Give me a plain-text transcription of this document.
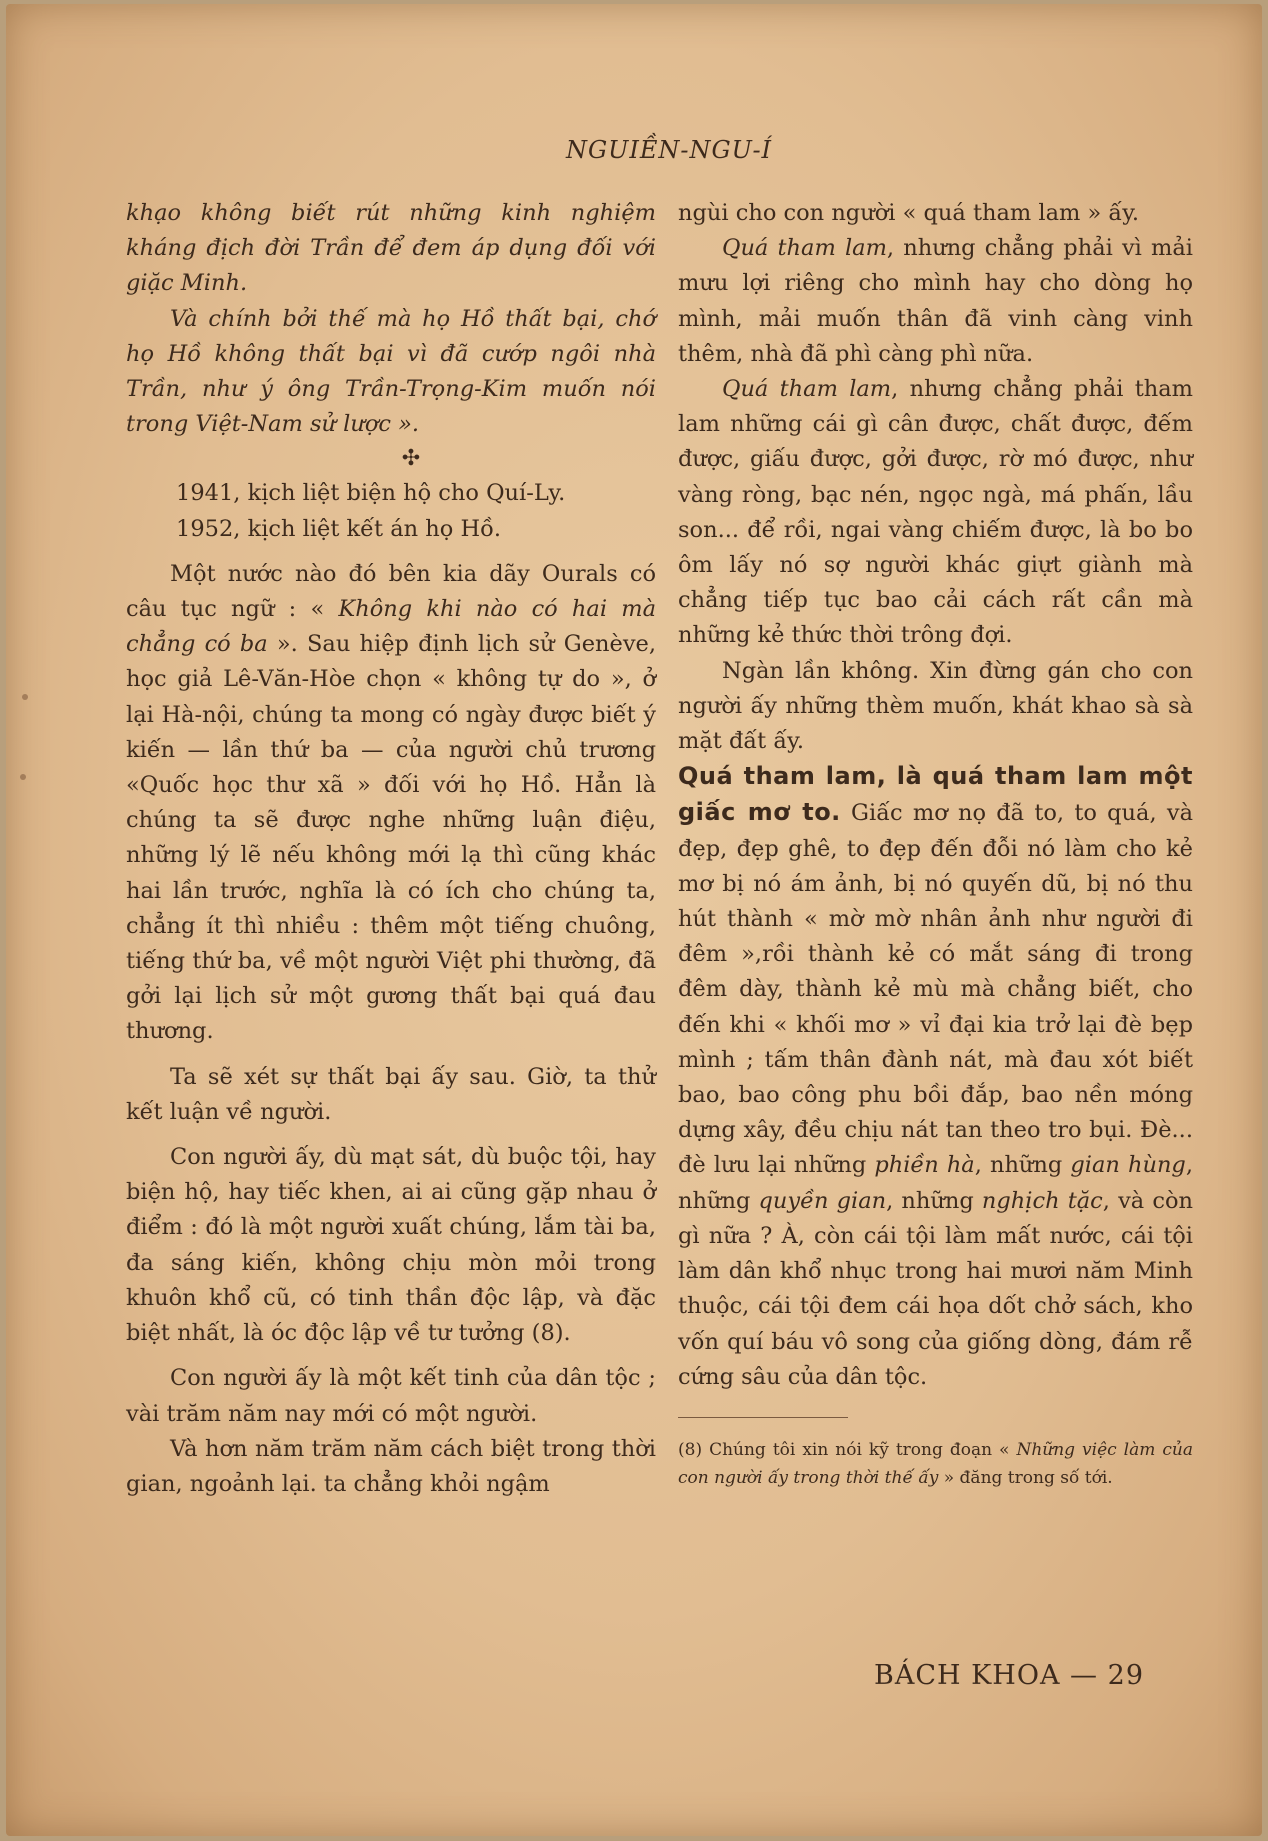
NGUIỀN-NGU-Í

khạo không biết rút những kinh nghiệm kháng địch đời Trần để đem áp dụng đối với giặc Minh.

Và chính bởi thế mà họ Hồ thất bại, chớ họ Hồ không thất bại vì đã cướp ngôi nhà Trần, như ý ông Trần-Trọng-Kim muốn nói trong Việt-Nam sử lược ».

✣

1941, kịch liệt biện hộ cho Quí-Ly.

1952, kịch liệt kết án họ Hồ.

Một nước nào đó bên kia dãy Ourals có câu tục ngữ : « Không khi nào có hai mà chẳng có ba ». Sau hiệp định lịch sử Genève, học giả Lê-Văn-Hòe chọn « không tự do », ở lại Hà-nội, chúng ta mong có ngày được biết ý kiến — lần thứ ba — của người chủ trương «Quốc học thư xã » đối với họ Hồ. Hẳn là chúng ta sẽ được nghe những luận điệu, những lý lẽ nếu không mới lạ thì cũng khác hai lần trước, nghĩa là có ích cho chúng ta, chẳng ít thì nhiều : thêm một tiếng chuông, tiếng thứ ba, về một người Việt phi thường, đã gởi lại lịch sử một gương thất bại quá đau thương.

Ta sẽ xét sự thất bại ấy sau. Giờ, ta thử kết luận về người.

Con người ấy, dù mạt sát, dù buộc tội, hay biện hộ, hay tiếc khen, ai ai cũng gặp nhau ở điểm : đó là một người xuất chúng, lắm tài ba, đa sáng kiến, không chịu mòn mỏi trong khuôn khổ cũ, có tinh thần độc lập, và đặc biệt nhất, là óc độc lập về tư tưởng (8).

Con người ấy là một kết tinh của dân tộc ; vài trăm năm nay mới có một người.

Và hơn năm trăm năm cách biệt trong thời gian, ngoảnh lại. ta chẳng khỏi ngậm

ngùi cho con người « quá tham lam » ấy.

Quá tham lam, nhưng chẳng phải vì mải mưu lợi riêng cho mình hay cho dòng họ mình, mải muốn thân đã vinh càng vinh thêm, nhà đã phì càng phì nữa.

Quá tham lam, nhưng chẳng phải tham lam những cái gì cân được, chất được, đếm được, giấu được, gởi được, rờ mó được, như vàng ròng, bạc nén, ngọc ngà, má phấn, lầu son... để rồi, ngai vàng chiếm được, là bo bo ôm lấy nó sợ người khác giựt giành mà chẳng tiếp tục bao cải cách rất cần mà những kẻ thức thời trông đợi.

Ngàn lần không. Xin đừng gán cho con người ấy những thèm muốn, khát khao sà sà mặt đất ấy.

Quá tham lam, là quá tham lam một giấc mơ to. Giấc mơ nọ đã to, to quá, và đẹp, đẹp ghê, to đẹp đến đỗi nó làm cho kẻ mơ bị nó ám ảnh, bị nó quyến dũ, bị nó thu hút thành « mờ mờ nhân ảnh như người đi đêm »,rồi thành kẻ có mắt sáng đi trong đêm dày, thành kẻ mù mà chẳng biết, cho đến khi « khối mơ » vỉ đại kia trở lại đè bẹp mình ; tấm thân đành nát, mà đau xót biết bao, bao công phu bồi đắp, bao nền móng dựng xây, đều chịu nát tan theo tro bụi. Đè... đè lưu lại những phiền hà, những gian hùng, những quyền gian, những nghịch tặc, và còn gì nữa ? À, còn cái tội làm mất nước, cái tội làm dân khổ nhục trong hai mươi năm Minh thuộc, cái tội đem cái họa dốt chở sách, kho vốn quí báu vô song của giống dòng, đám rễ cứng sâu của dân tộc.

(8) Chúng tôi xin nói kỹ trong đoạn « Những việc làm của con người ấy trong thời thế ấy » đăng trong số tới.

BÁCH KHOA — 29
